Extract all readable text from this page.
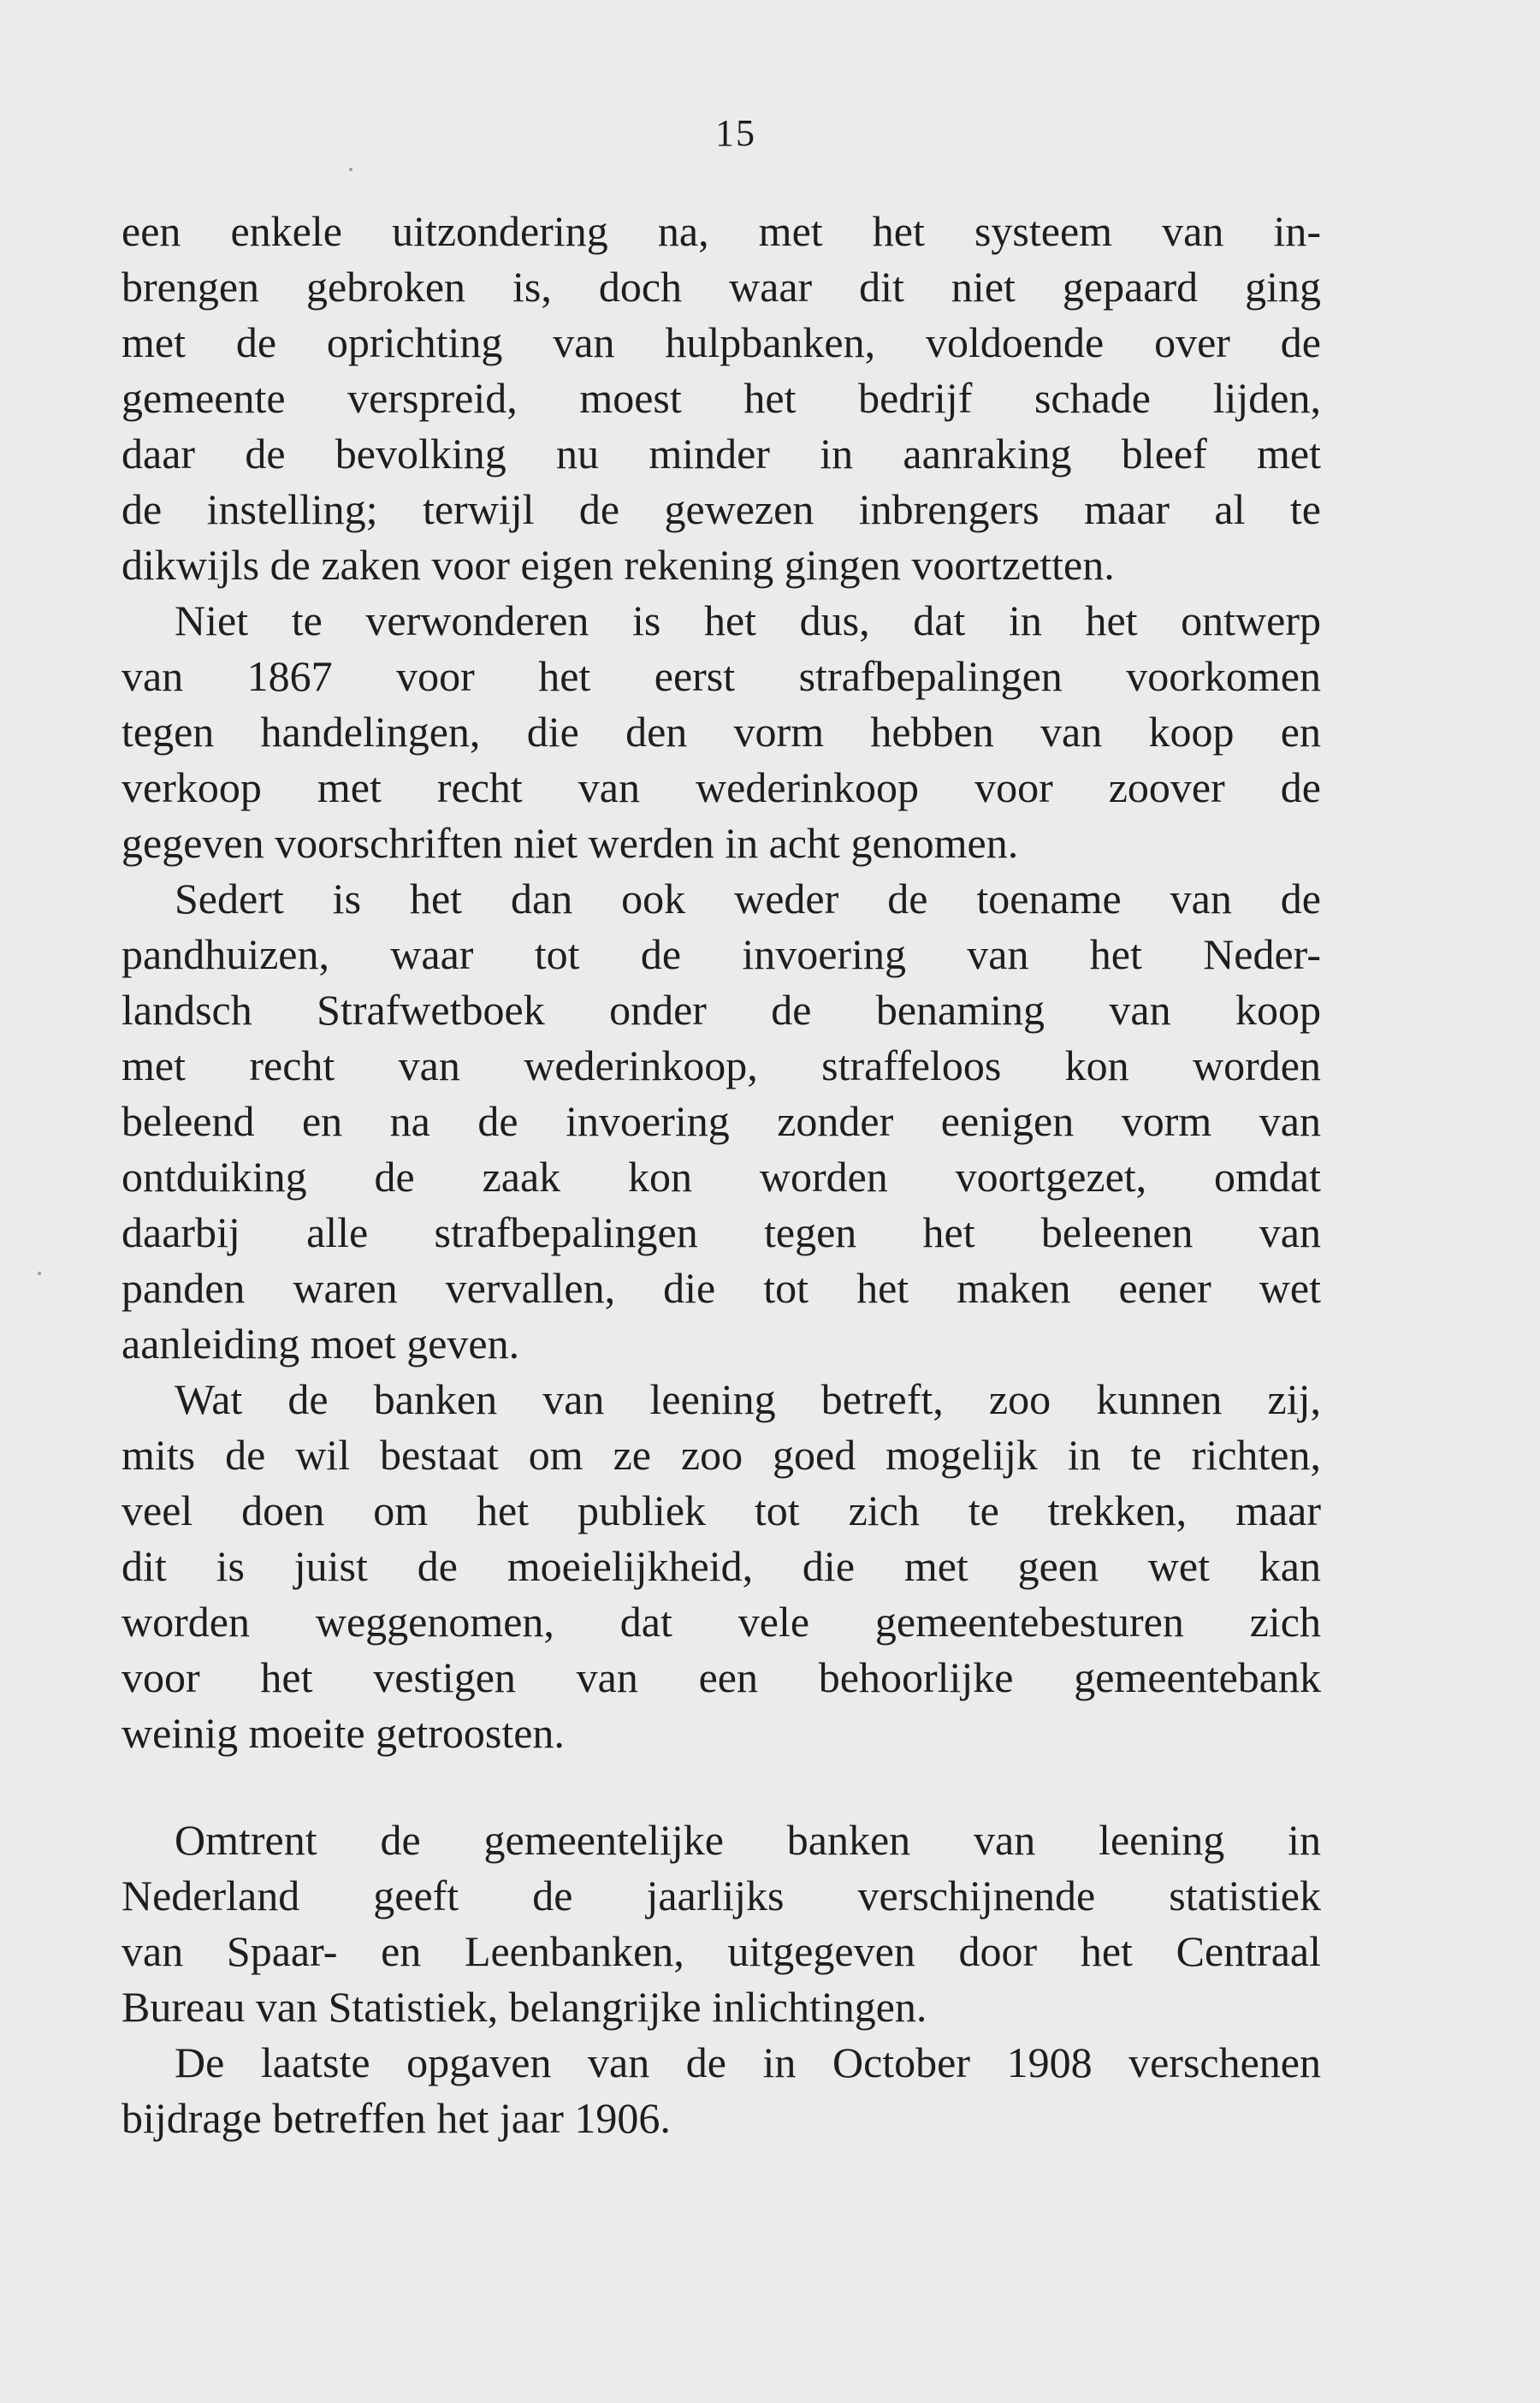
15
een enkele uitzondering na, met het systeem van in-
brengen gebroken is, doch waar dit niet gepaard ging
met de oprichting van hulpbanken, voldoende over de
gemeente verspreid, moest het bedrijf schade lijden,
daar de bevolking nu minder in aanraking bleef met
de instelling; terwijl de gewezen inbrengers maar al te
dikwijls de zaken voor eigen rekening gingen voortzetten.
Niet te verwonderen is het dus, dat in het ontwerp
van 1867 voor het eerst strafbepalingen voorkomen
tegen handelingen, die den vorm hebben van koop en
verkoop met recht van wederinkoop voor zoover de
gegeven voorschriften niet werden in acht genomen.
Sedert is het dan ook weder de toename van de
pandhuizen, waar tot de invoering van het Neder-
landsch Strafwetboek onder de benaming van koop
met recht van wederinkoop, straffeloos kon worden
beleend en na de invoering zonder eenigen vorm van
ontduiking de zaak kon worden voortgezet, omdat
daarbij alle strafbepalingen tegen het beleenen van
panden waren vervallen, die tot het maken eener wet
aanleiding moet geven.
Wat de banken van leening betreft, zoo kunnen zij,
mits de wil bestaat om ze zoo goed mogelijk in te richten,
veel doen om het publiek tot zich te trekken, maar
dit is juist de moeielijkheid, die met geen wet kan
worden weggenomen, dat vele gemeentebesturen zich
voor het vestigen van een behoorlijke gemeentebank
weinig moeite getroosten.
Omtrent de gemeentelijke banken van leening in
Nederland geeft de jaarlijks verschijnende statistiek
van Spaar- en Leenbanken, uitgegeven door het Centraal
Bureau van Statistiek, belangrijke inlichtingen.
De laatste opgaven van de in October 1908 verschenen
bijdrage betreffen het jaar 1906.
